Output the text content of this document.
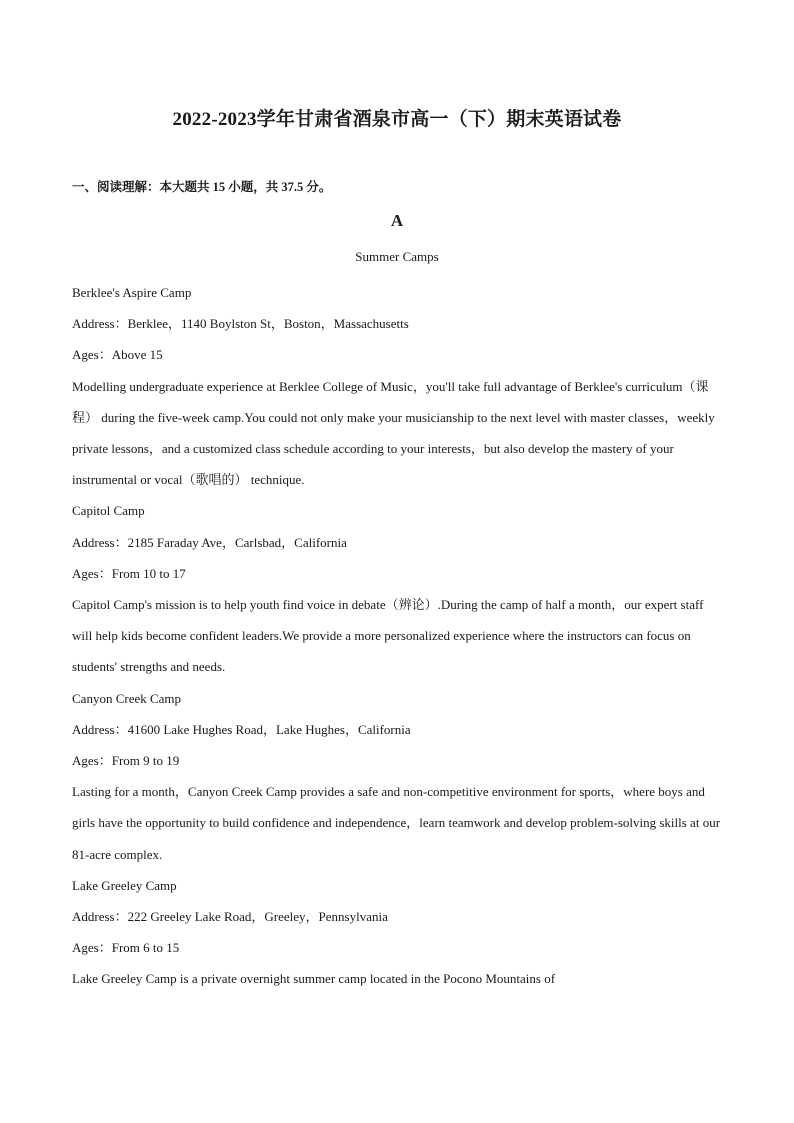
2022-2023学年甘肃省酒泉市高一（下）期末英语试卷
一、阅读理解：本大题共 15 小题，共 37.5 分。
A
Summer Camps

Berklee's Aspire Camp

Address：Berklee，1140 Boylston St，Boston，Massachusetts

Ages：Above 15

Modelling undergraduate experience at Berklee College of Music，you'll take full advantage of Berklee's curriculum（课程） during the five-week camp.You could not only make your musicianship to the next level with master classes，weekly private lessons，and a customized class schedule according to your interests，but also develop the mastery of your instrumental or vocal（歌唱的） technique.

Capitol Camp

Address：2185 Faraday Ave，Carlsbad，California

Ages：From 10 to 17

Capitol Camp's mission is to help youth find voice in debate（辨论）.During the camp of half a month，our expert staff will help kids become confident leaders.We provide a more personalized experience where the instructors can focus on students' strengths and needs.

Canyon Creek Camp

Address：41600 Lake Hughes Road，Lake Hughes，California

Ages：From 9 to 19

Lasting for a month，Canyon Creek Camp provides a safe and non-competitive environment for sports，where boys and girls have the opportunity to build confidence and independence，learn teamwork and develop problem-solving skills at our 81-acre complex.

Lake Greeley Camp

Address：222 Greeley Lake Road，Greeley，Pennsylvania

Ages：From 6 to 15

Lake Greeley Camp is a private overnight summer camp located in the Pocono Mountains of
